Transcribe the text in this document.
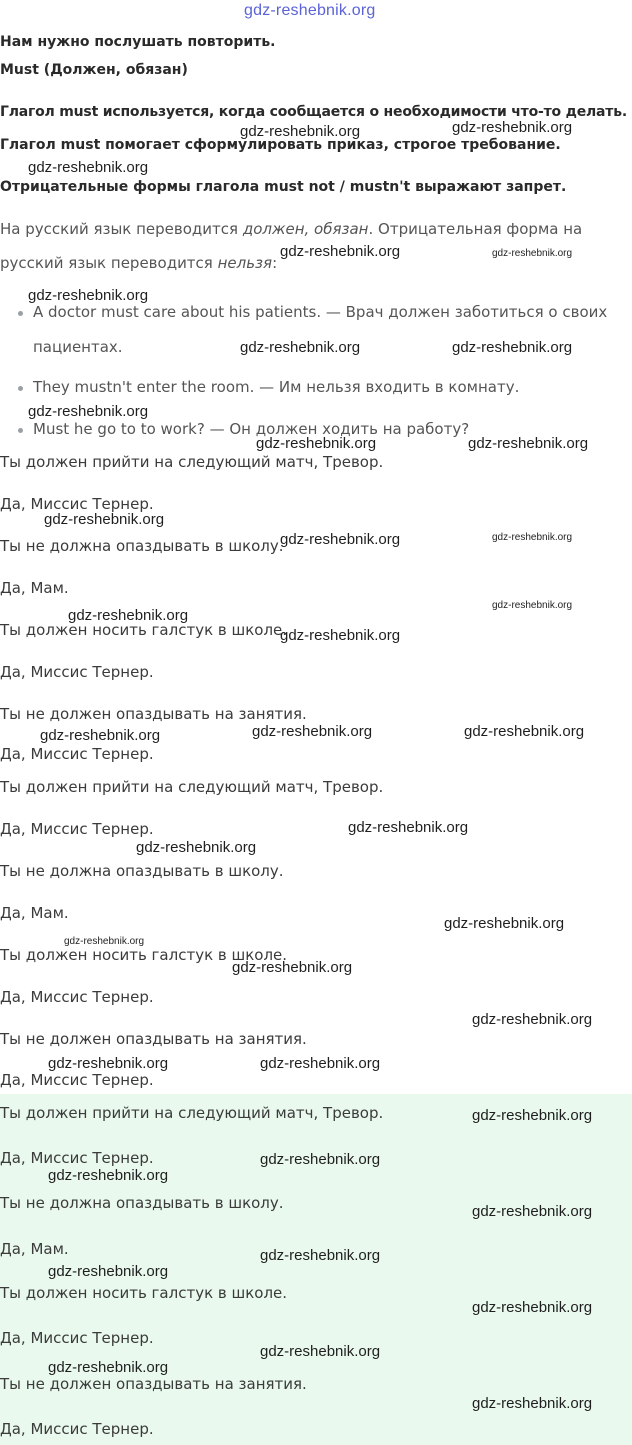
gdz-reshebnik.org
Нам нужно послушать повторить.
Must (Должен, обязан)
Глагол must используется, когда сообщается о необходимости что-то делать.
Глагол must помогает сформулировать приказ, строгое требование.
Отрицательные формы глагола must not / mustn't выражают запрет.
На русский язык переводится должен, обязан. Отрицательная форма на
русский язык переводится нельзя:
A doctor must care about his patients. — Врач должен заботиться о своих
пациентах.
They mustn't enter the room. — Им нельзя входить в комнату.
Must he go to to work? — Он должен ходить на работу?
Ты должен прийти на следующий матч, Тревор.
Да, Миссис Тернер.
Ты не должна опаздывать в школу.
Да, Мам.
Ты должен носить галстук в школе.
Да, Миссис Тернер.
Ты не должен опаздывать на занятия.
Да, Миссис Тернер.
Ты должен прийти на следующий матч, Тревор.
Да, Миссис Тернер.
Ты не должна опаздывать в школу.
Да, Мам.
Ты должен носить галстук в школе.
Да, Миссис Тернер.
Ты не должен опаздывать на занятия.
Да, Миссис Тернер.
Ты должен прийти на следующий матч, Тревор.
Да, Миссис Тернер.
Ты не должна опаздывать в школу.
Да, Мам.
Ты должен носить галстук в школе.
Да, Миссис Тернер.
Ты не должен опаздывать на занятия.
Да, Миссис Тернер.
gdz-reshebnik.org	gdz-reshebnik.org
gdz-reshebnik.org
gdz-reshebnik.org	gdz-reshebnik.org
gdz-reshebnik.org
gdz-reshebnik.org	gdz-reshebnik.org
gdz-reshebnik.org
gdz-reshebnik.org	gdz-reshebnik.org
gdz-reshebnik.org
gdz-reshebnik.org	gdz-reshebnik.org
gdz-reshebnik.org
gdz-reshebnik.org
gdz-reshebnik.org
gdz-reshebnik.org	gdz-reshebnik.org	gdz-reshebnik.org
gdz-reshebnik.org
gdz-reshebnik.org
gdz-reshebnik.org
gdz-reshebnik.org
gdz-reshebnik.org
gdz-reshebnik.org
gdz-reshebnik.org	gdz-reshebnik.org
gdz-reshebnik.org
gdz-reshebnik.org
gdz-reshebnik.org
gdz-reshebnik.org
gdz-reshebnik.org
gdz-reshebnik.org
gdz-reshebnik.org
gdz-reshebnik.org
gdz-reshebnik.org
gdz-reshebnik.org
